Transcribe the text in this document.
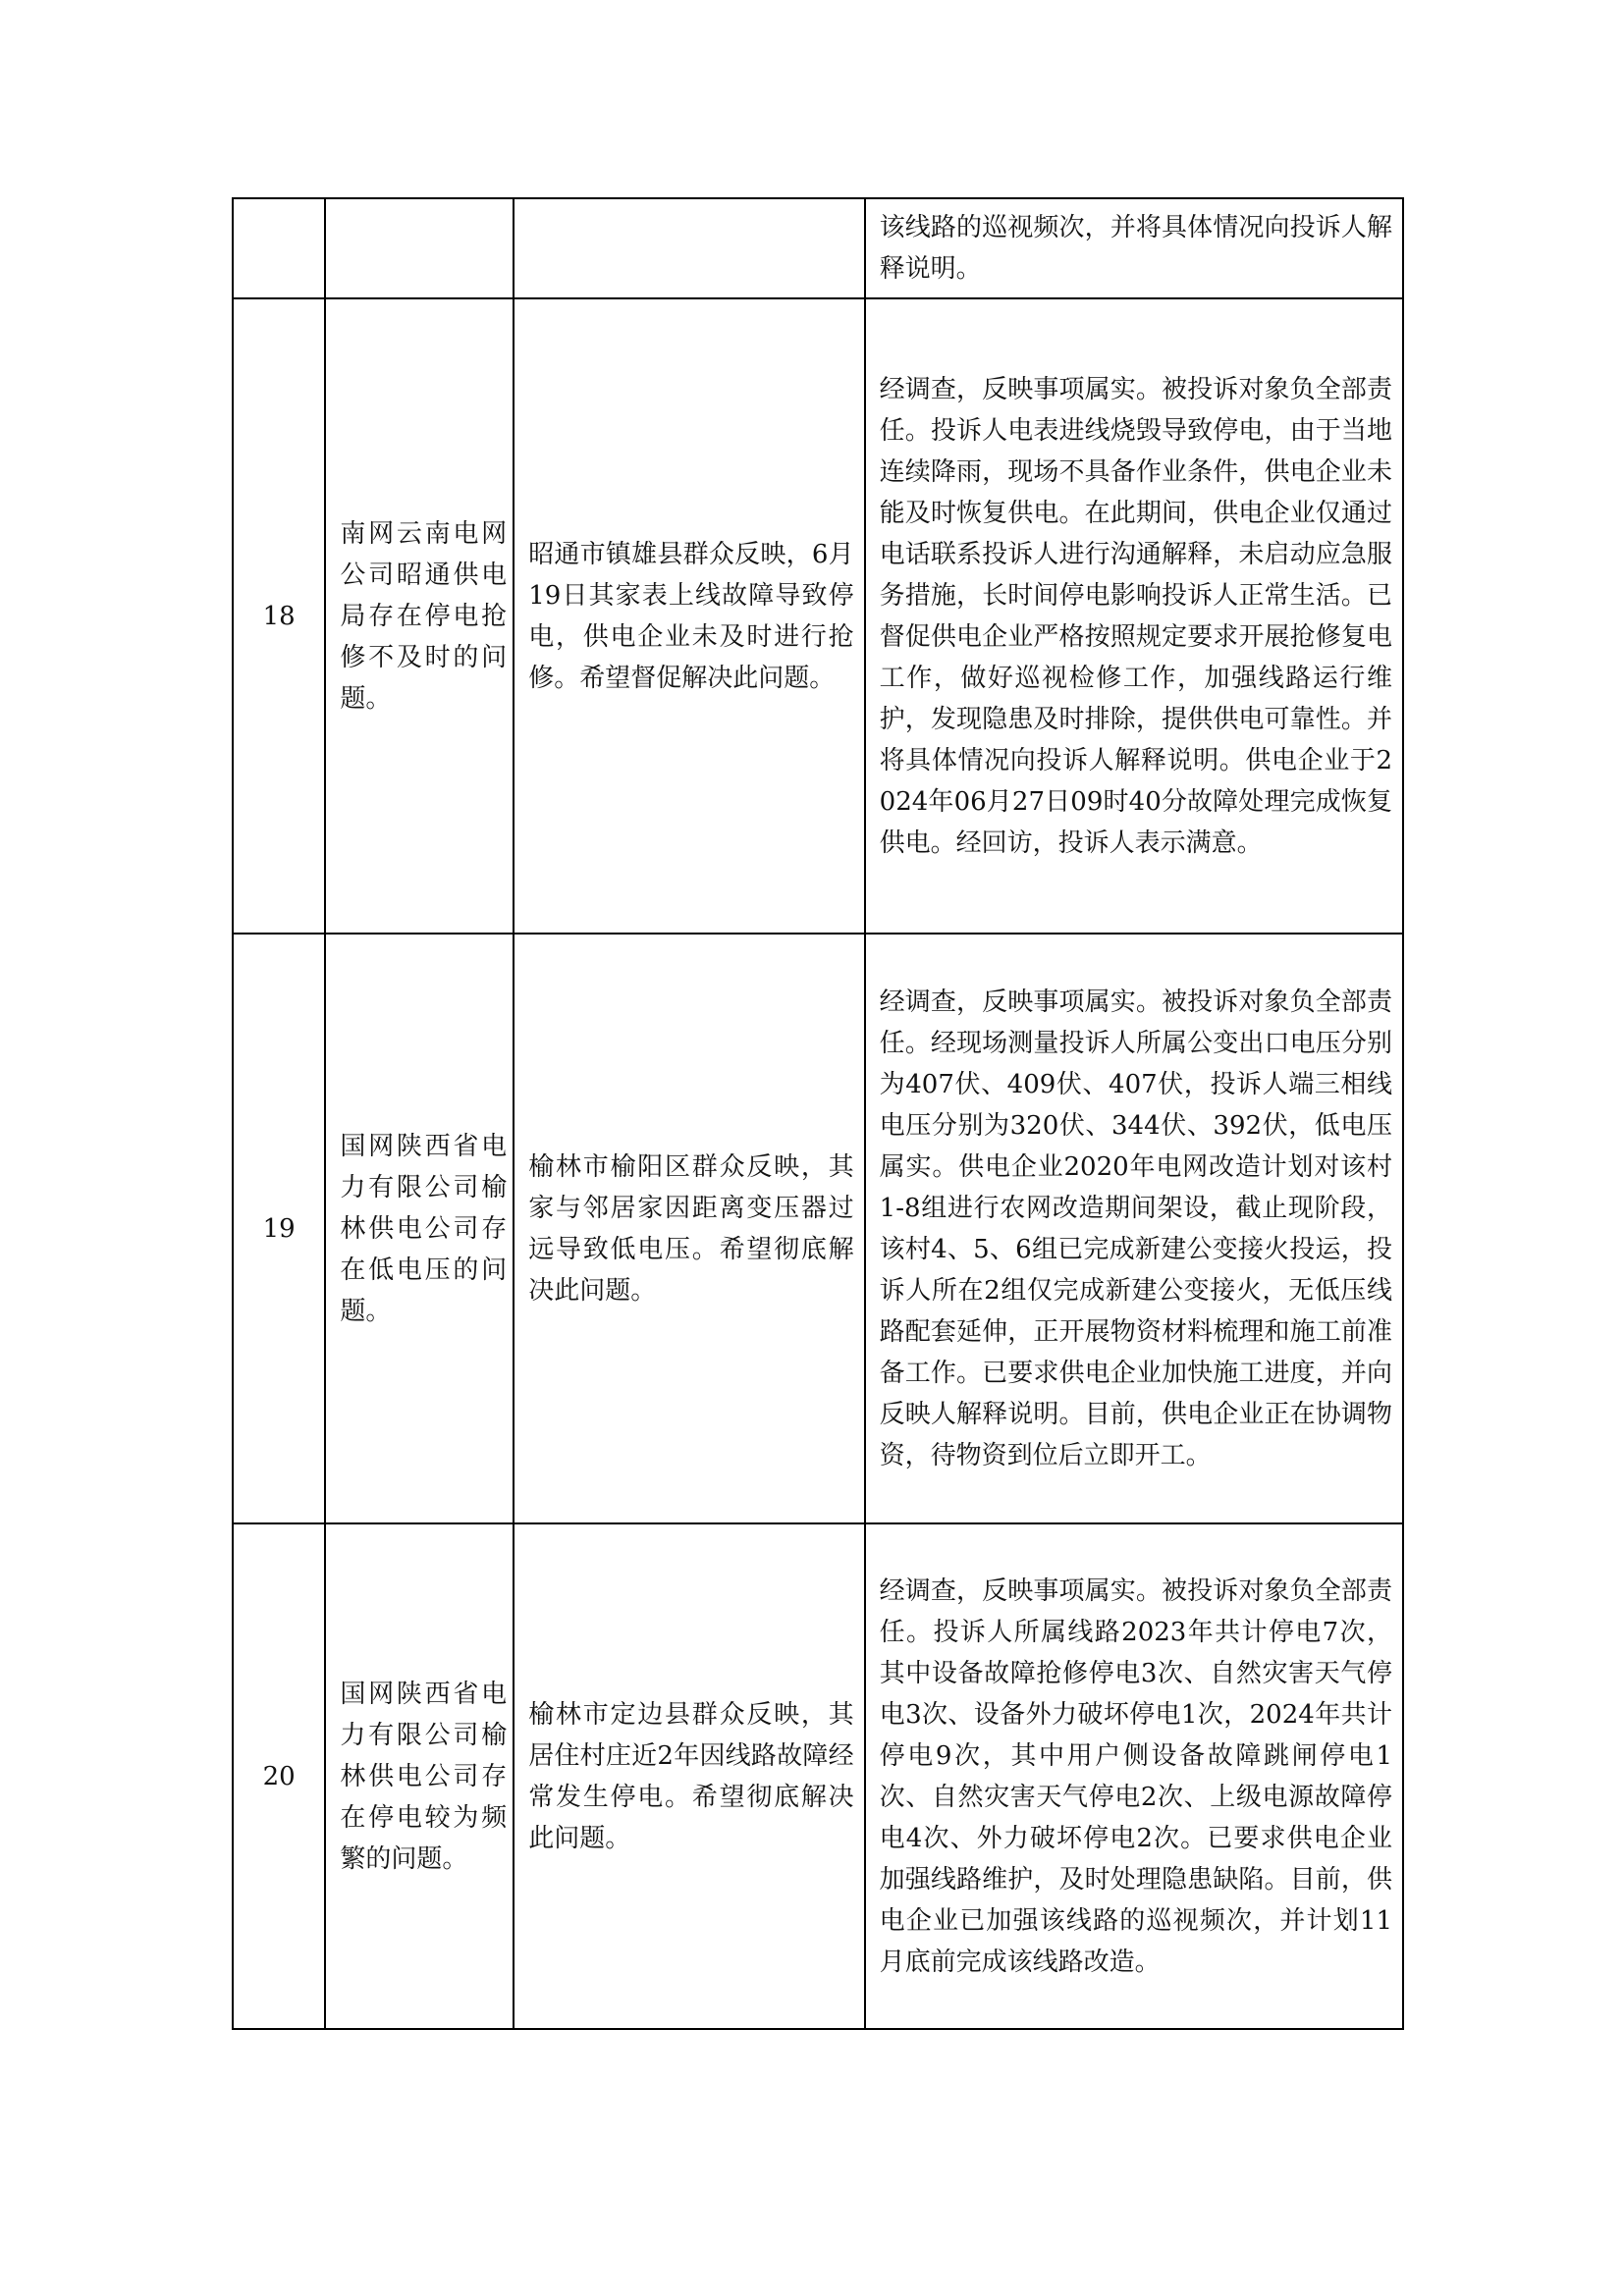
			该线路的巡视频次，并将具体情况向投诉人解释说明。

18	南网云南电网公司昭通供电局存在停电抢修不及时的问题。	昭通市镇雄县群众反映，6月19日其家表上线故障导致停电，供电企业未及时进行抢修。希望督促解决此问题。	经调查，反映事项属实。被投诉对象负全部责任。投诉人电表进线烧毁导致停电，由于当地连续降雨，现场不具备作业条件，供电企业未能及时恢复供电。在此期间，供电企业仅通过电话联系投诉人进行沟通解释，未启动应急服务措施，长时间停电影响投诉人正常生活。已督促供电企业严格按照规定要求开展抢修复电工作，做好巡视检修工作，加强线路运行维护，发现隐患及时排除，提供供电可靠性。并将具体情况向投诉人解释说明。供电企业于2024年06月27日09时40分故障处理完成恢复供电。经回访，投诉人表示满意。

19	国网陕西省电力有限公司榆林供电公司存在低电压的问题。	榆林市榆阳区群众反映，其家与邻居家因距离变压器过远导致低电压。希望彻底解决此问题。	经调查，反映事项属实。被投诉对象负全部责任。经现场测量投诉人所属公变出口电压分别为407伏、409伏、407伏，投诉人端三相线电压分别为320伏、344伏、392伏，低电压属实。供电企业2020年电网改造计划对该村1-8组进行农网改造期间架设，截止现阶段，该村4、5、6组已完成新建公变接火投运，投诉人所在2组仅完成新建公变接火，无低压线路配套延伸，正开展物资材料梳理和施工前准备工作。已要求供电企业加快施工进度，并向反映人解释说明。目前，供电企业正在协调物资，待物资到位后立即开工。

20	国网陕西省电力有限公司榆林供电公司存在停电较为频繁的问题。	榆林市定边县群众反映，其居住村庄近2年因线路故障经常发生停电。希望彻底解决此问题。	经调查，反映事项属实。被投诉对象负全部责任。投诉人所属线路2023年共计停电7次，其中设备故障抢修停电3次、自然灾害天气停电3次、设备外力破坏停电1次，2024年共计停电9次，其中用户侧设备故障跳闸停电1次、自然灾害天气停电2次、上级电源故障停电4次、外力破坏停电2次。已要求供电企业加强线路维护，及时处理隐患缺陷。目前，供电企业已加强该线路的巡视频次，并计划11月底前完成该线路改造。
